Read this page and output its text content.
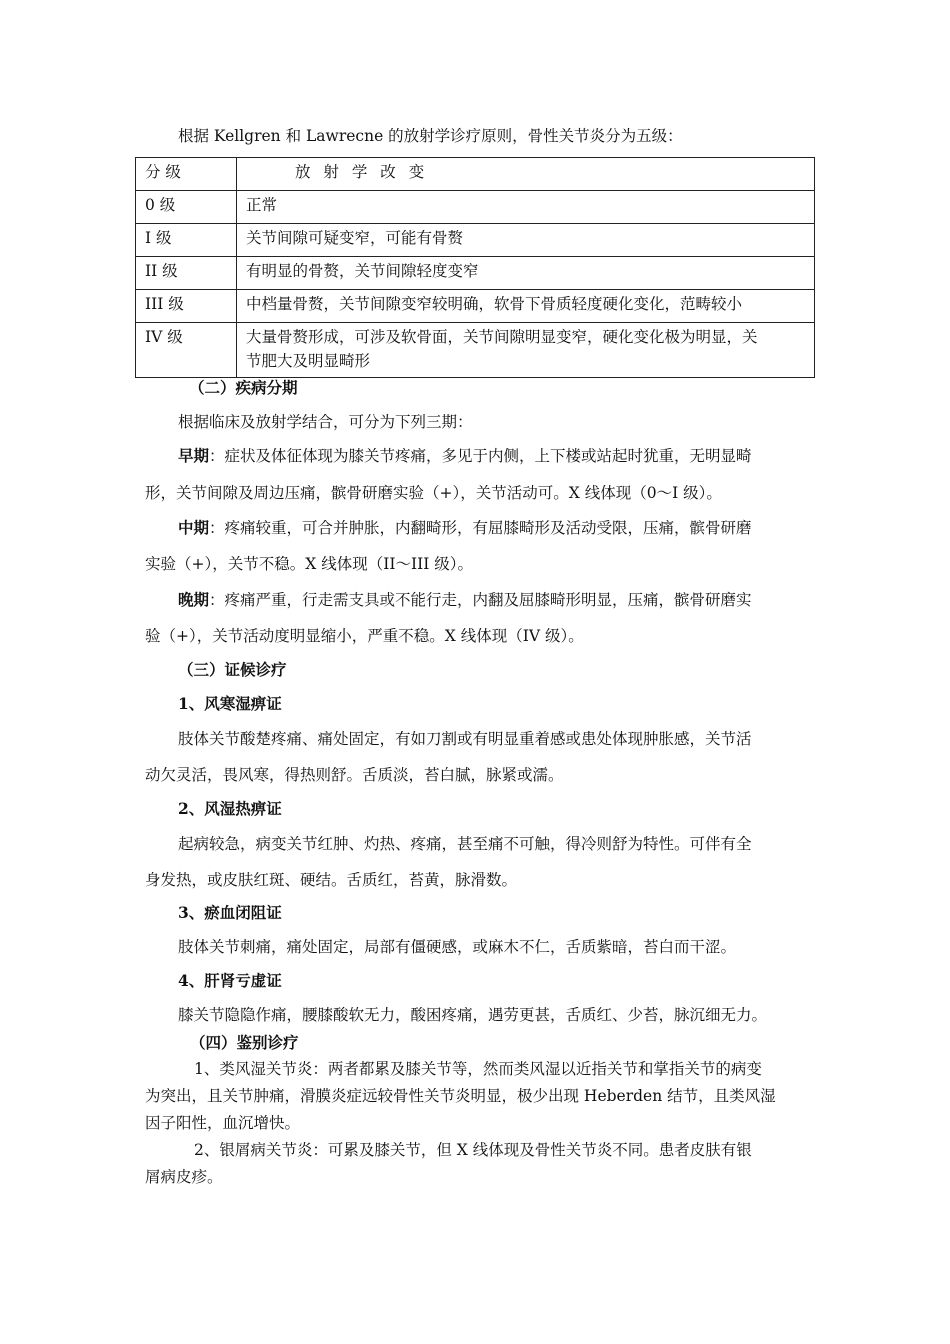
根据 Kellgren 和 Lawrecne 的放射学诊疗原则，骨性关节炎分为五级：
分 级	放 射 学 改 变
0 级	正常
I 级	关节间隙可疑变窄，可能有骨赘
II 级	有明显的骨赘，关节间隙轻度变窄
III 级	中档量骨赘，关节间隙变窄较明确，软骨下骨质轻度硬化变化，范畴较小
IV 级	大量骨赘形成，可涉及软骨面，关节间隙明显变窄，硬化变化极为明显，关
节肥大及明显畸形
（二）疾病分期
根据临床及放射学结合，可分为下列三期：
早期：症状及体征体现为膝关节疼痛，多见于内侧，上下楼或站起时犹重，无明显畸
形，关节间隙及周边压痛，髌骨研磨实验（+），关节活动可。X 线体现（0～I 级）。
中期：疼痛较重，可合并肿胀，内翻畸形，有屈膝畸形及活动受限，压痛，髌骨研磨
实验（+），关节不稳。X 线体现（II～III 级）。
晚期：疼痛严重，行走需支具或不能行走，内翻及屈膝畸形明显，压痛，髌骨研磨实
验（+），关节活动度明显缩小，严重不稳。X 线体现（IV 级）。
（三）证候诊疗
1、风寒湿痹证
肢体关节酸楚疼痛、痛处固定，有如刀割或有明显重着感或患处体现肿胀感，关节活
动欠灵活，畏风寒，得热则舒。舌质淡，苔白腻，脉紧或濡。
2、风湿热痹证
起病较急，病变关节红肿、灼热、疼痛，甚至痛不可触，得冷则舒为特性。可伴有全
身发热，或皮肤红斑、硬结。舌质红，苔黄，脉滑数。
3、瘀血闭阻证
肢体关节刺痛，痛处固定，局部有僵硬感，或麻木不仁，舌质紫暗，苔白而干涩。
4、肝肾亏虚证
膝关节隐隐作痛，腰膝酸软无力，酸困疼痛，遇劳更甚，舌质红、少苔，脉沉细无力。
（四）鉴别诊疗
1、类风湿关节炎：两者都累及膝关节等，然而类风湿以近指关节和掌指关节的病变
为突出，且关节肿痛，滑膜炎症远较骨性关节炎明显，极少出现 Heberden 结节，且类风湿
因子阳性，血沉增快。
2、银屑病关节炎：可累及膝关节，但 X 线体现及骨性关节炎不同。患者皮肤有银
屑病皮疹。
